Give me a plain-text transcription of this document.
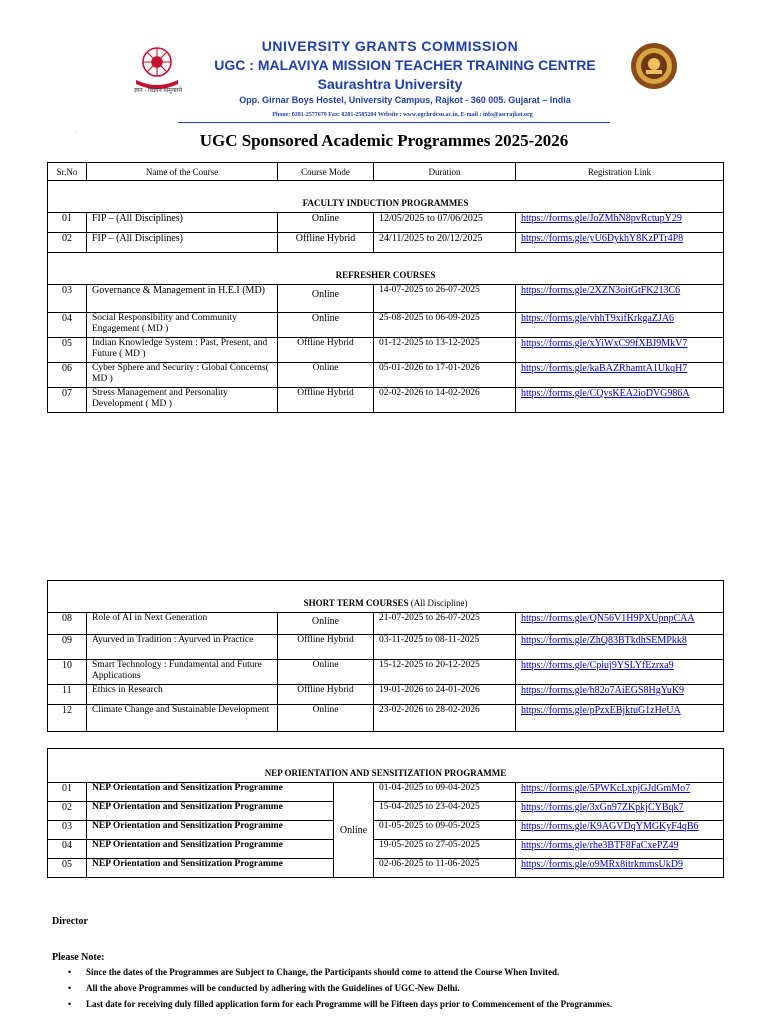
ज्ञान - विज्ञान विमुक्तये
UNIVERSITY GRANTS COMMISSION
UGC : MALAVIYA MISSION TEACHER TRAINING CENTRE
Saurashtra University
Opp. Girnar Boys Hostel, University Campus, Rajkot - 360 005. Gujarat – India
Phone: 0281-2577679 Fax: 0281-2585204 Website : www.ugchrdcsu.ac.in, E-mail : info@ascrajkot.org
·	UGC Sponsored Academic Programmes 2025-2026
Sr.No	Name of the Course	Course Mode	Duration	Registration Link
FACULTY INDUCTION PROGRAMMES				
01	FIP – (All Disciplines)	Online	12/05/2025 to 07/06/2025	https://forms.gle/JoZMhN8pvRctupY29
02	FIP – (All Disciplines)	Offline Hybrid	24/11/2025 to 20/12/2025	https://forms.gle/yU6DykhY8KzPTr4P8
REFRESHER COURSES				
03	Governance & Management in H.E.I (MD)	Online	14-07-2025 to 26-07-2025	https://forms.gle/2XZN3oitGtFK213C6
04	Social Responsibility and Community Engagement ( MD )	Online	25-08-2025 to 06-09-2025	https://forms.gle/vhhT9xifKrkgaZJA6
05	Indian Knowledge System : Past, Present, and Future ( MD )	Offline Hybrid	01-12-2025 to 13-12-2025	https://forms.gle/xYiWxC99fXBJ9MkV7
06	Cyber Sphere and Security : Global Concerns( MD )	Online	05-01-2026 to 17-01-2026	https://forms.gle/kaBAZRhamtA1UkqH7
07	Stress Management and Personality Development ( MD )	Offline Hybrid	02-02-2026 to 14-02-2026	https://forms.gle/CQvsKEA2ioDVG986A
SHORT TERM COURSES (All Discipline)				
08	Role of AI in Next Generation	Online	21-07-2025 to 26-07-2025	https://forms.gle/QN56V1H9PXUpnpCAA
09	Ayurved in Tradition : Ayurved in Practice	Offline Hybrid	03-11-2025 to 08-11-2025	https://forms.gle/ZhQ83BTkdhSEMPkk8
10	Smart Technology : Fundamental and Future Applications	Online	15-12-2025 to 20-12-2025	https://forms.gle/Cpiuj9YSLYfEzrxa9
11	Ethics in Research	Offline Hybrid	19-01-2026 to 24-01-2026	https://forms.gle/h82o7AiEGS8HgYuK9
12	Climate Change and Sustainable Development	Online	23-02-2026 to 28-02-2026	https://forms.gle/pPzxEBjktuG1zHeUA
NEP ORIENTATION AND SENSITIZATION PROGRAMME				
01	NEP Orientation and Sensitization Programme	Online	01-04-2025 to 09-04-2025	https://forms.gle/5PWKcLxpjGJdGmMo7
02	NEP Orientation and Sensitization Programme		15-04-2025 to 23-04-2025	https://forms.gle/3xGn97ZKpkjCYBqk7
03	NEP Orientation and Sensitization Programme		01-05-2025 to 09-05-2025	https://forms.gle/K9AGVDqYMGKyF4qB6
04	NEP Orientation and Sensitization Programme		19-05-2025 to 27-05-2025	https://forms.gle/rhe3BTF8FaCxePZ49
05	NEP Orientation and Sensitization Programme		02-06-2025 to 11-06-2025	https://forms.gle/o9MRx8itrkmmsUkD9
Director
Please Note:
• Since the dates of the Programmes are Subject to Change, the Participants should come to attend the Course When Invited.
• All the above Programmes will be conducted by adhering with the Guidelines of UGC-New Delhi.
• Last date for receiving duly filled application form for each Programme will be Fifteen days prior to Commencement of the Programmes.
